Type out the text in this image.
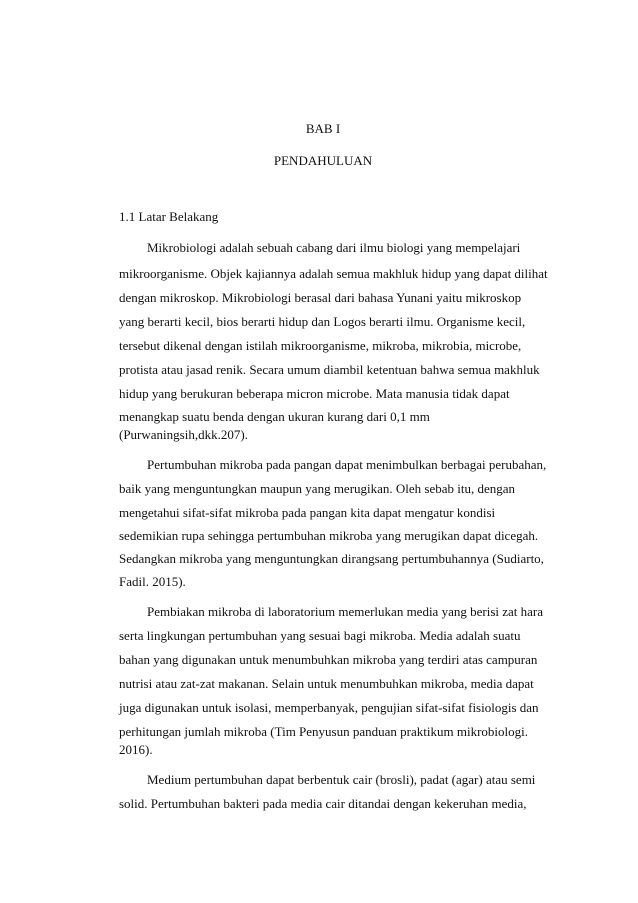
BAB I
PENDAHULUAN
1.1 Latar Belakang
Mikrobiologi adalah sebuah cabang dari ilmu biologi yang mempelajari
mikroorganisme. Objek kajiannya adalah semua makhluk hidup yang dapat dilihat
dengan mikroskop. Mikrobiologi berasal dari bahasa Yunani yaitu mikroskop
yang berarti kecil, bios berarti hidup dan Logos berarti ilmu. Organisme kecil,
tersebut dikenal dengan istilah mikroorganisme, mikroba, mikrobia, microbe,
protista atau jasad renik. Secara umum diambil ketentuan bahwa semua makhluk
hidup yang berukuran beberapa micron microbe. Mata manusia tidak dapat
menangkap suatu benda dengan ukuran kurang dari 0,1 mm
(Purwaningsih,dkk.207).
Pertumbuhan mikroba pada pangan dapat menimbulkan berbagai perubahan,
baik yang menguntungkan maupun yang merugikan. Oleh sebab itu, dengan
mengetahui sifat-sifat mikroba pada pangan kita dapat mengatur kondisi
sedemikian rupa sehingga pertumbuhan mikroba yang merugikan dapat dicegah.
Sedangkan mikroba yang menguntungkan dirangsang pertumbuhannya (Sudiarto,
Fadil. 2015).
Pembiakan mikroba di laboratorium memerlukan media yang berisi zat hara
serta lingkungan pertumbuhan yang sesuai bagi mikroba. Media adalah suatu
bahan yang digunakan untuk menumbuhkan mikroba yang terdiri atas campuran
nutrisi atau zat-zat makanan. Selain untuk menumbuhkan mikroba, media dapat
juga digunakan untuk isolasi, memperbanyak, pengujian sifat-sifat fisiologis dan
perhitungan jumlah mikroba (Tim Penyusun panduan praktikum mikrobiologi.
2016).
Medium pertumbuhan dapat berbentuk cair (brosli), padat (agar) atau semi
solid. Pertumbuhan bakteri pada media cair ditandai dengan kekeruhan media,
